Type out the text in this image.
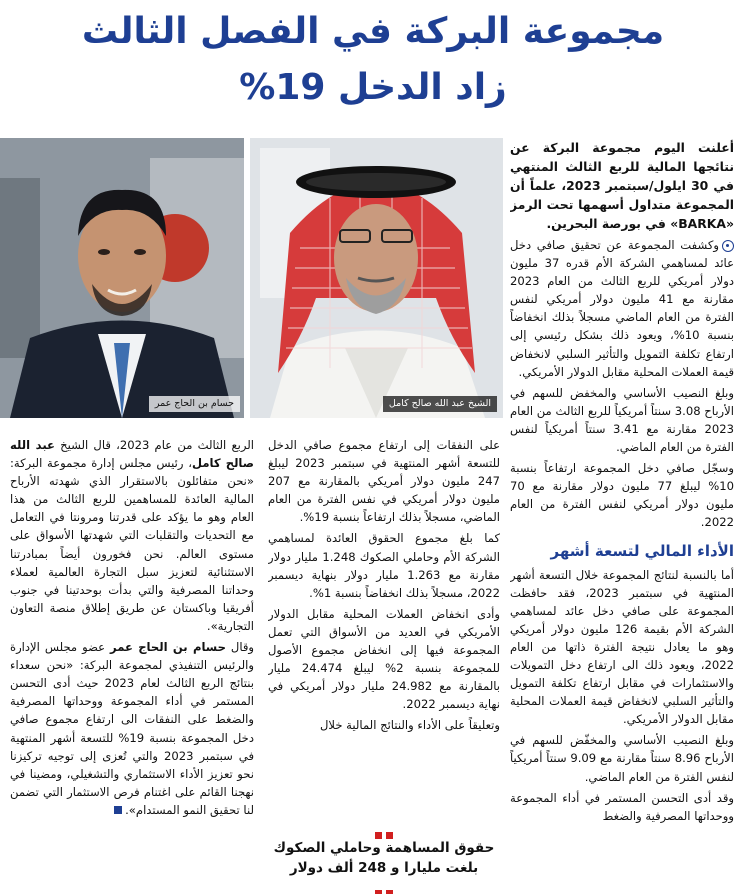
مجموعة البركة في الفصل الثالث
زاد الدخل 19%
الشيخ عبد الله صالح كامل
حسام بن الحاج عمر

أعلنت اليوم مجموعة البركة عن نتائجها المالية للربع الثالث المنتهي في 30 ايلول/سبتمبر 2023، علماً أن المجموعة متداول أسهمها تحت الرمز «BARKA» في بورصة البحرين.

وكشفت المجموعة عن تحقيق صافي دخل عائد لمساهمي الشركة الأم قدره 37 مليون دولار أمريكي للربع الثالث من العام 2023 مقارنة مع 41 مليون دولار أمريكي لنفس الفترة من العام الماضي مسجلاً بذلك انخفاضاً بنسبة 10%، ويعود ذلك بشكل رئيسي إلى ارتفاع تكلفة التمويل والتأثير السلبي لانخفاض قيمة العملات المحلية مقابل الدولار الأمريكي.

وبلغ النصيب الأساسي والمخفض للسهم في الأرباح 3.08 سنتاً أمريكياً للربع الثالث من العام 2023 مقارنة مع 3.41 سنتاً أمريكياً لنفس الفترة من العام الماضي.

وسجّل صافي دخل المجموعة ارتفاعاً بنسبة 10% ليبلغ 77 مليون دولار مقارنة مع 70 مليون دولار أمريكي لنفس الفترة من العام 2022.

الأداء المالي لتسعة أشهر

أما بالنسبة لنتائج المجموعة خلال التسعة أشهر المنتهية في سبتمبر 2023، فقد حافظت المجموعة على صافي دخل عائد لمساهمي الشركة الأم بقيمة 126 مليون دولار أمريكي وهو ما يعادل نتيجة الفترة ذاتها من العام 2022، ويعود ذلك الى ارتفاع دخل التمويلات والاستثمارات في مقابل ارتفاع تكلفة التمويل والتأثير السلبي لانخفاض قيمة العملات المحلية مقابل الدولار الأمريكي.

وبلغ النصيب الأساسي والمخفّض للسهم في الأرباح 8.96 سنتاً مقارنة مع 9.09 سنتاً أمريكياً لنفس الفترة من العام الماضي.

وقد أدى التحسن المستمر في أداء المجموعة ووحداتها المصرفية والضغط

على النفقات إلى ارتفاع مجموع صافي الدخل للتسعة أشهر المنتهية في سبتمبر 2023 ليبلغ 247 مليون دولار أمريكي بالمقارنة مع 207 مليون دولار أمريكي في نفس الفترة من العام الماضي، مسجلاً بذلك ارتفاعاً بنسبة 19%.

كما بلغ مجموع الحقوق العائدة لمساهمي الشركة الأم وحاملي الصكوك 1.248 مليار دولار مقارنة مع 1.263 مليار دولار بنهاية ديسمبر 2022، مسجلاً بذلك انخفاضاً بنسبة 1%.

وأدى انخفاض العملات المحلية مقابل الدولار الأمريكي في العديد من الأسواق التي تعمل المجموعة فيها إلى انخفاض مجموع الأصول للمجموعة بنسبة 2% ليبلغ 24.474 مليار بالمقارنة مع 24.982 مليار دولار أمريكي في نهاية ديسمبر 2022.

وتعليقاً على الأداء والنتائج المالية خلال

حقوق المساهمة وحاملي الصكوك
بلغت مليارا و 248 ألف دولار

الربع الثالث من عام 2023، قال الشيخ عبد الله صالح كامل، رئيس مجلس إدارة مجموعة البركة: «نحن متفائلون بالاستقرار الذي شهدته الأرباح المالية العائدة للمساهمين للربع الثالث من هذا العام وهو ما يؤكد على قدرتنا ومرونتا في التعامل مع التحديات والتقلبات التي شهدتها الأسواق على مستوى العالم. نحن فخورون أيضاً بمبادرتنا الاستثنائية لتعزيز سبل التجارة العالمية لعملاء وحداتنا المصرفية والتي بدأت بوحدتينا في جنوب أفريقيا وباكستان عن طريق إطلاق منصة التعاون التجارية».

وقال حسام بن الحاج عمر عضو مجلس الإدارة والرئيس التنفيذي لمجموعة البركة: «نحن سعداء بنتائج الربع الثالث لعام 2023 حيث أدى التحسن المستمر في أداء المجموعة ووحداتها المصرفية والضغط على النفقات الى ارتفاع مجموع صافي دخل المجموعة بنسبة 19% للتسعة أشهر المنتهية في سبتمبر 2023 والتي تُعزى إلى توجيه تركيزنا نحو تعزيز الأداء الاستثماري والتشغيلي، ومضينا في نهجنا القائم على اغتنام فرص الاستثمار التي تضمن لنا تحقيق النمو المستدام».
